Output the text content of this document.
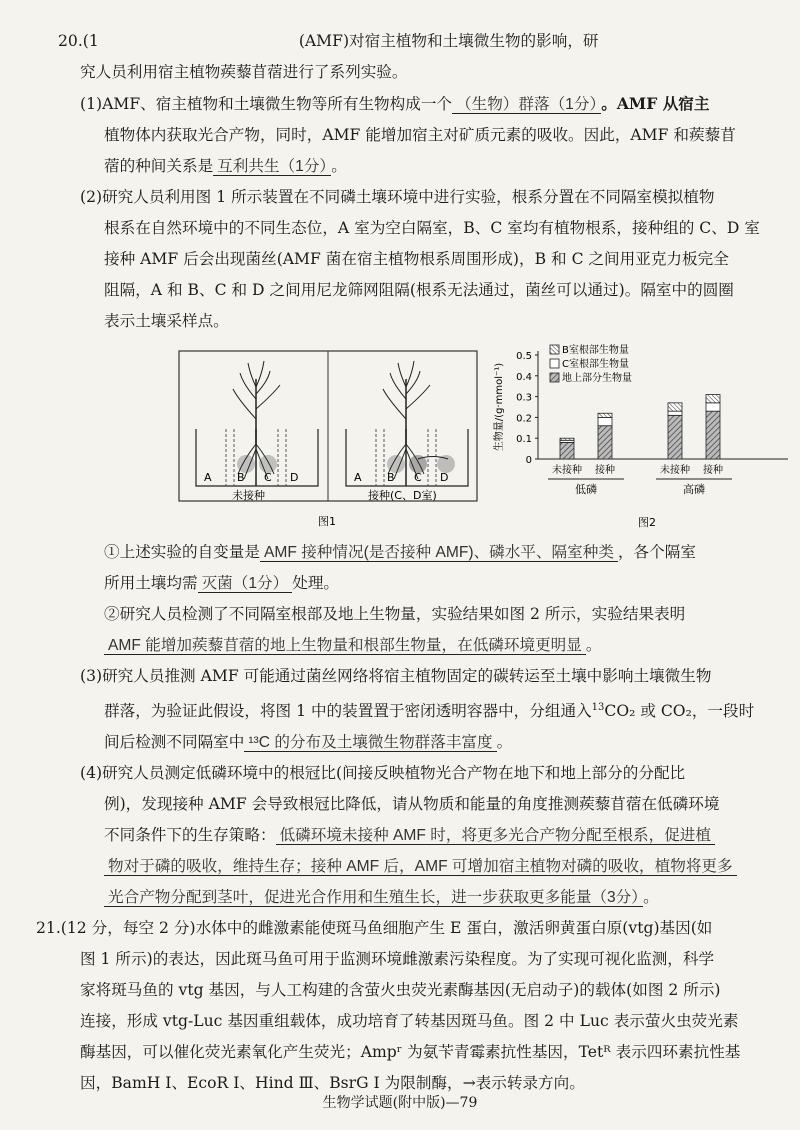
20.(1	(AMF)对宿主植物和土壤微生物的影响，研
究人员利用宿主植物蒺藜苜蓿进行了系列实验。
(1)AMF、宿主植物和土壤微生物等所有生物构成一个 （生物）群落（1分） 。AMF 从宿主
植物体内获取光合产物，同时，AMF 能增加宿主对矿质元素的吸收。因此，AMF 和蒺藜苜
蓿的种间关系是 互利共生（1分） 。
(2)研究人员利用图 1 所示装置在不同磷土壤环境中进行实验，根系分置在不同隔室模拟植物
根系在自然环境中的不同生态位，A 室为空白隔室，B、C 室均有植物根系，接种组的 C、D 室
接种 AMF 后会出现菌丝(AMF 菌在宿主植物根系周围形成)，B 和 C 之间用亚克力板完全
阻隔，A 和 B、C 和 D 之间用尼龙筛网阻隔(根系无法通过，菌丝可以通过)。隔室中的圆圈
表示土壤采样点。
A B C D
未接种
A B C D
接种(C、D室)
图1	图2
0
0.1
0.2
0.3
0.4
0.5
生物量/(g·mmol⁻¹)
未接种 接种	未接种 接种
低磷	高磷
B室根部生物量
C室根部生物量
地上部分生物量
①上述实验的自变量是 AMF 接种情况(是否接种 AMF)、磷水平、隔室种类 ，各个隔室
所用土壤均需 灭菌（1分） 处理。
②研究人员检测了不同隔室根部及地上生物量，实验结果如图 2 所示，实验结果表明
AMF 能增加蒺藜苜蓿的地上生物量和根部生物量，在低磷环境更明显 。
(3)研究人员推测 AMF 可能通过菌丝网络将宿主植物固定的碳转运至土壤中影响土壤微生物
群落，为验证此假设，将图 1 中的装置置于密闭透明容器中，分组通入$^{13}$CO₂ 或 CO₂，一段时
间后检测不同隔室中 ¹³C 的分布及土壤微生物群落丰富度 。
(4)研究人员测定低磷环境中的根冠比(间接反映植物光合产物在地下和地上部分的分配比
例)，发现接种 AMF 会导致根冠比降低，请从物质和能量的角度推测蒺藜苜蓿在低磷环境
不同条件下的生存策略： 低磷环境未接种 AMF 时，将更多光合产物分配至根系，促进植
物对于磷的吸收，维持生存；接种 AMF 后，AMF 可增加宿主植物对磷的吸收，植物将更多
光合产物分配到茎叶，促进光合作用和生殖生长，进一步获取更多能量（3分） 。
21.(12 分，每空 2 分)水体中的雌激素能使斑马鱼细胞产生 E 蛋白，激活卵黄蛋白原(vtg)基因(如
图 1 所示)的表达，因此斑马鱼可用于监测环境雌激素污染程度。为了实现可视化监测，科学
家将斑马鱼的 vtg 基因，与人工构建的含萤火虫荧光素酶基因(无启动子)的载体(如图 2 所示)
连接，形成 vtg-Luc 基因重组载体，成功培育了转基因斑马鱼。图 2 中 Luc 表示萤火虫荧光素
酶基因，可以催化荧光素氧化产生荧光；Ampʳ 为氨苄青霉素抗性基因，Tetᴿ 表示四环素抗性基
因，BamH Ⅰ、EcoR Ⅰ、Hind Ⅲ、BsrG Ⅰ 为限制酶，→表示转录方向。
生物学试题(附中版)—79
